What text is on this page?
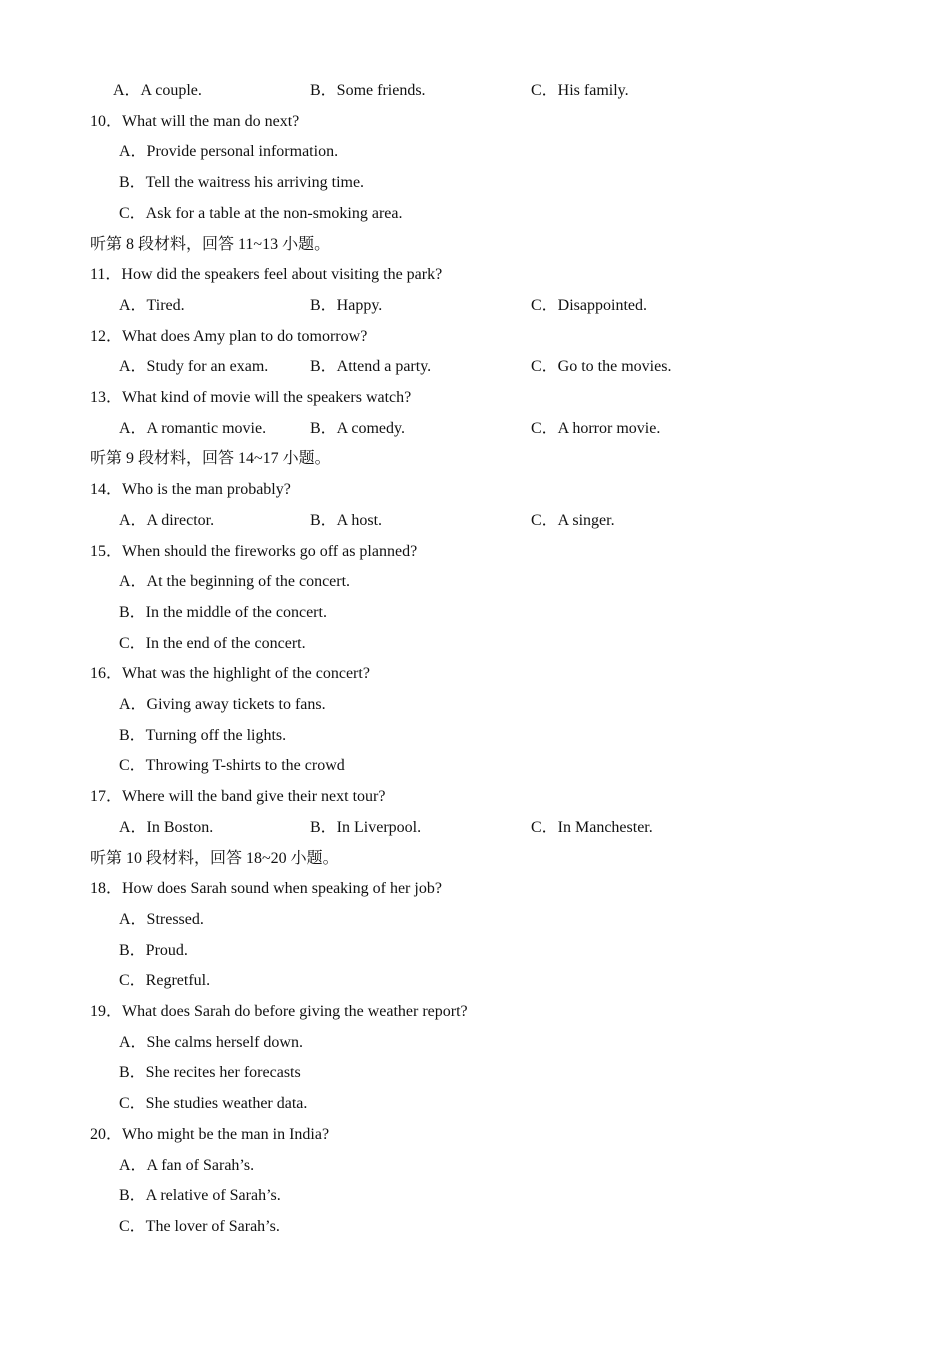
A．A couple.	B．Some friends.	C．His family.
10．What will the man do next?
A．Provide personal information.
B．Tell the waitress his arriving time.
C．Ask for a table at the non-smoking area.
听第 8 段材料，回答 11~13 小题。
11．How did the speakers feel about visiting the park?
A．Tired.	B．Happy.	C．Disappointed.
12．What does Amy plan to do tomorrow?
A．Study for an exam.	B．Attend a party.	C．Go to the movies.
13．What kind of movie will the speakers watch?
A．A romantic movie.	B．A comedy.	C．A horror movie.
听第 9 段材料，回答 14~17 小题。
14．Who is the man probably?
A．A director.	B．A host.	C．A singer.
15．When should the fireworks go off as planned?
A．At the beginning of the concert.
B．In the middle of the concert.
C．In the end of the concert.
16．What was the highlight of the concert?
A．Giving away tickets to fans.
B．Turning off the lights.
C．Throwing T-shirts to the crowd
17．Where will the band give their next tour?
A．In Boston.	B．In Liverpool.	C．In Manchester.
听第 10 段材料，回答 18~20 小题。
18．How does Sarah sound when speaking of her job?
A．Stressed.
B．Proud.
C．Regretful.
19．What does Sarah do before giving the weather report?
A．She calms herself down.
B．She recites her forecasts
C．She studies weather data.
20．Who might be the man in India?
A．A fan of Sarah’s.
B．A relative of Sarah’s.
C．The lover of Sarah’s.
